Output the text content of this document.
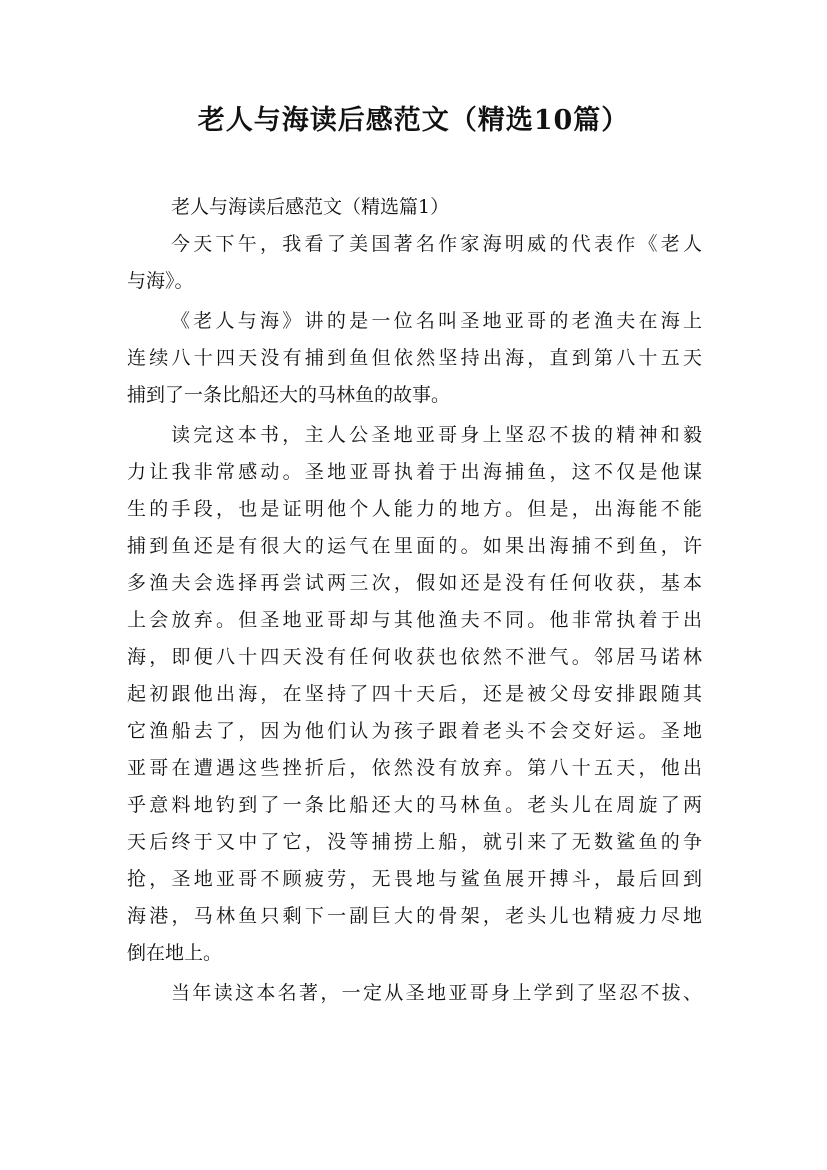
老人与海读后感范文（精选10篇）
老人与海读后感范文（精选篇1）
今天下午，我看了美国著名作家海明威的代表作《老人
与海》。
《老人与海》讲的是一位名叫圣地亚哥的老渔夫在海上
连续八十四天没有捕到鱼但依然坚持出海，直到第八十五天
捕到了一条比船还大的马林鱼的故事。
读完这本书，主人公圣地亚哥身上坚忍不拔的精神和毅
力让我非常感动。圣地亚哥执着于出海捕鱼，这不仅是他谋
生的手段，也是证明他个人能力的地方。但是，出海能不能
捕到鱼还是有很大的运气在里面的。如果出海捕不到鱼，许
多渔夫会选择再尝试两三次，假如还是没有任何收获，基本
上会放弃。但圣地亚哥却与其他渔夫不同。他非常执着于出
海，即便八十四天没有任何收获也依然不泄气。邻居马诺林
起初跟他出海，在坚持了四十天后，还是被父母安排跟随其
它渔船去了，因为他们认为孩子跟着老头不会交好运。圣地
亚哥在遭遇这些挫折后，依然没有放弃。第八十五天，他出
乎意料地钓到了一条比船还大的马林鱼。老头儿在周旋了两
天后终于又中了它，没等捕捞上船，就引来了无数鲨鱼的争
抢，圣地亚哥不顾疲劳，无畏地与鲨鱼展开搏斗，最后回到
海港，马林鱼只剩下一副巨大的骨架，老头儿也精疲力尽地
倒在地上。
当年读这本名著，一定从圣地亚哥身上学到了坚忍不拔、
